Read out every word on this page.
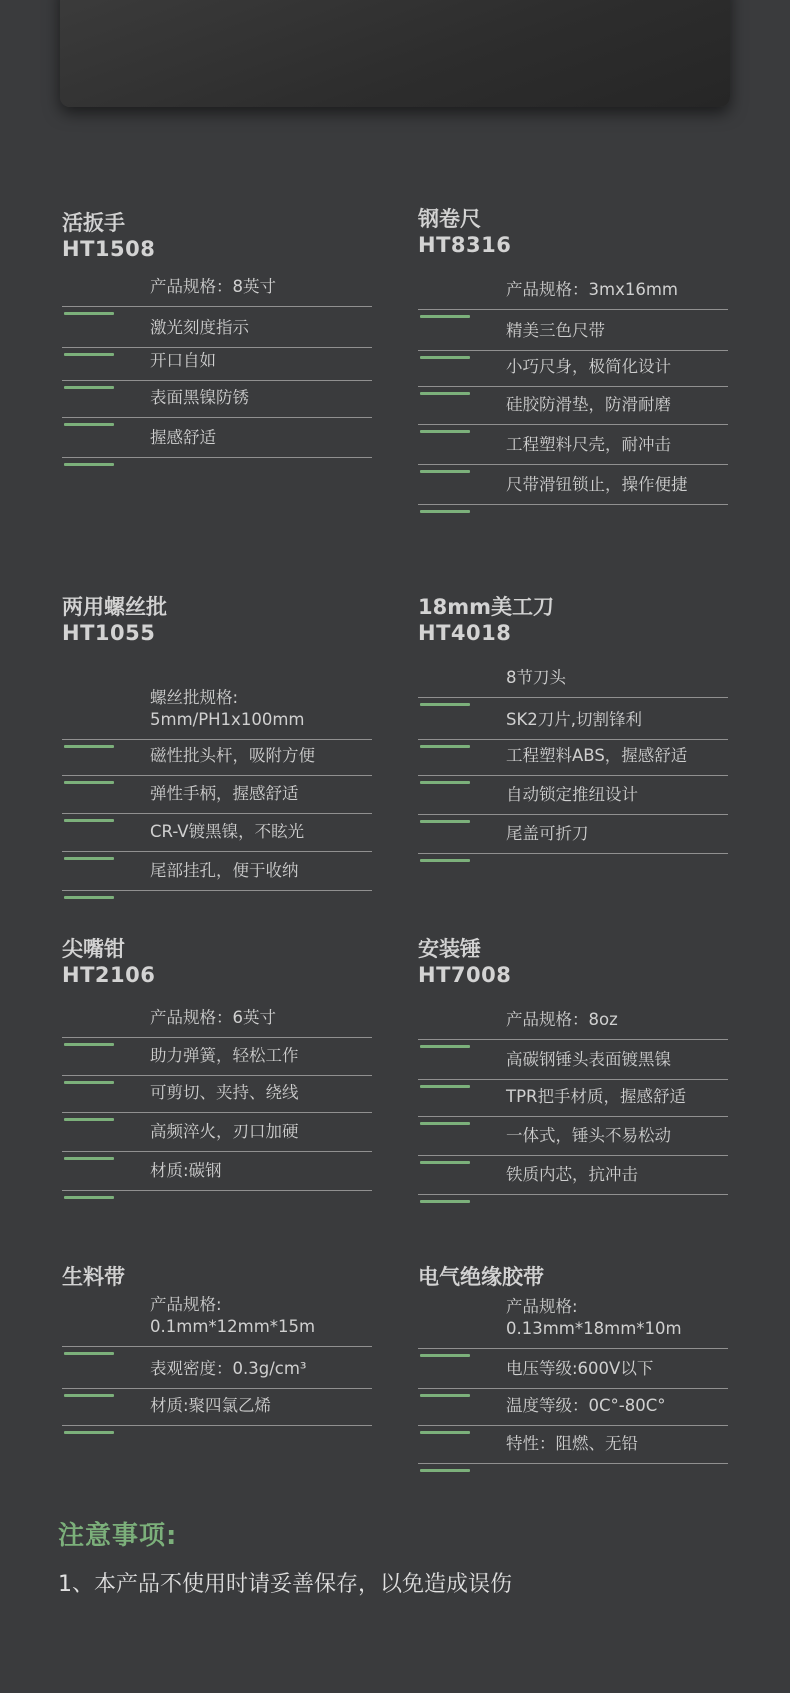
活扳手
HT1508
产品规格：8英寸
激光刻度指示
开口自如
表面黑镍防锈
握感舒适
钢卷尺
HT8316
产品规格：3mx16mm
精美三色尺带
小巧尺身，极简化设计
硅胶防滑垫，防滑耐磨
工程塑料尺壳，耐冲击
尺带滑钮锁止，操作便捷
两用螺丝批
HT1055
螺丝批规格:
5mm/PH1x100mm
磁性批头杆，吸附方便
弹性手柄，握感舒适
CR-V镀黑镍，不眩光
尾部挂孔，便于收纳
18mm美工刀
HT4018
8节刀头
SK2刀片,切割锋利
工程塑料ABS，握感舒适
自动锁定推纽设计
尾盖可折刀
尖嘴钳
HT2106
产品规格：6英寸
助力弹簧，轻松工作
可剪切、夹持、绕线
高频淬火，刃口加硬
材质:碳钢
安装锤
HT7008
产品规格：8oz
高碳钢锤头表面镀黑镍
TPR把手材质，握感舒适
一体式，锤头不易松动
铁质内芯，抗冲击
生料带
产品规格:
0.1mm*12mm*15m
表观密度：0.3g/cm³
材质:聚四氯乙烯
电气绝缘胶带
产品规格:
0.13mm*18mm*10m
电压等级:600V以下
温度等级：0C°-80C°
特性：阻燃、无铅
注意事项:
1、本产品不使用时请妥善保存，以免造成误伤
